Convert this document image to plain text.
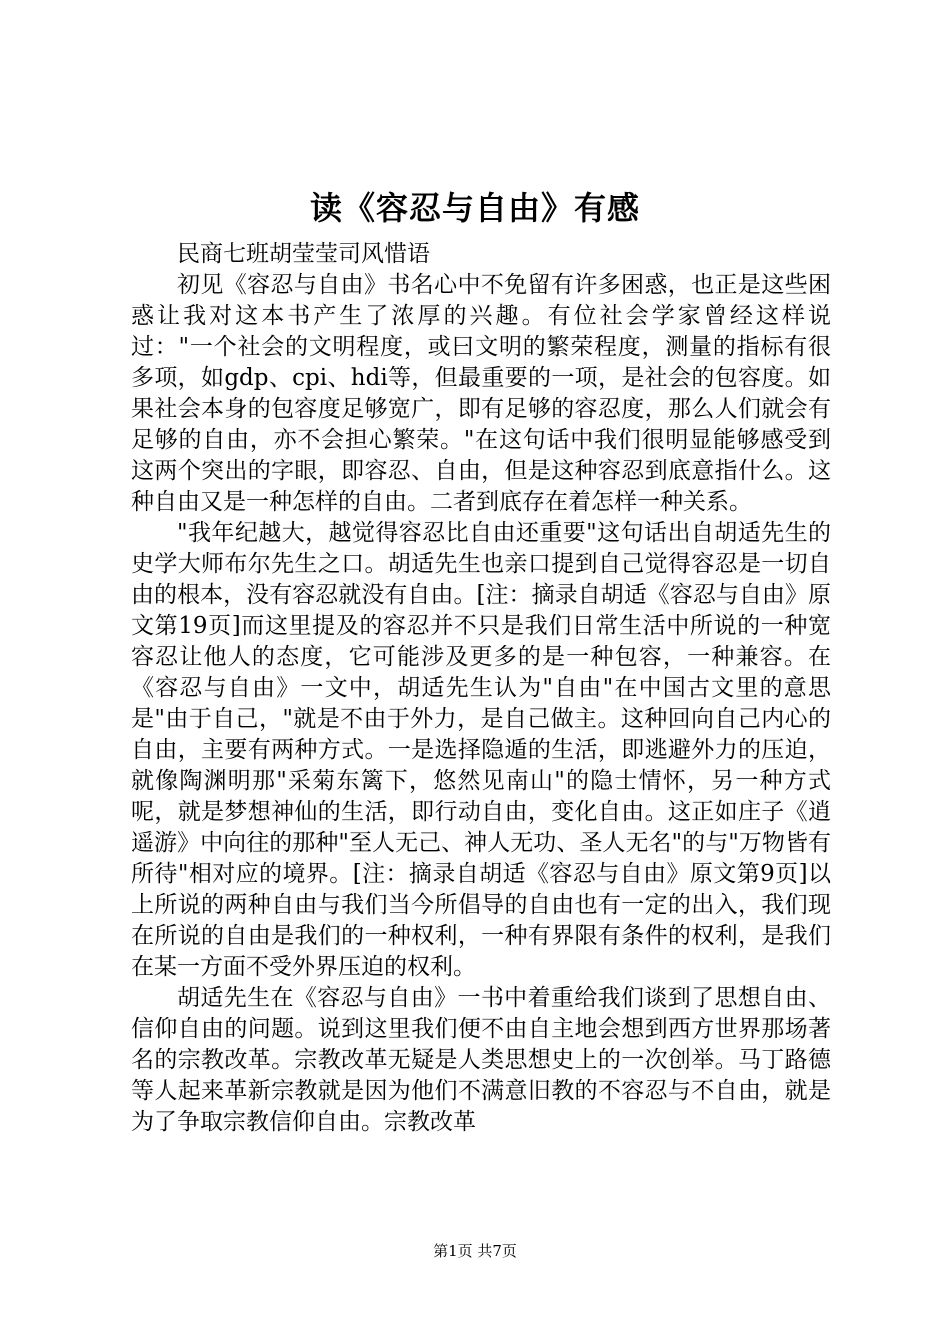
读《容忍与自由》有感

民商七班胡莹莹司风惜语

初见《容忍与自由》书名心中不免留有许多困惑，也正是这些困惑让我对这本书产生了浓厚的兴趣。有位社会学家曾经这样说过："一个社会的文明程度，或曰文明的繁荣程度，测量的指标有很多项，如gdp、cpi、hdi等，但最重要的一项，是社会的包容度。如果社会本身的包容度足够宽广，即有足够的容忍度，那么人们就会有足够的自由，亦不会担心繁荣。"在这句话中我们很明显能够感受到这两个突出的字眼，即容忍、自由，但是这种容忍到底意指什么。这种自由又是一种怎样的自由。二者到底存在着怎样一种关系。

"我年纪越大，越觉得容忍比自由还重要"这句话出自胡适先生的史学大师布尔先生之口。胡适先生也亲口提到自己觉得容忍是一切自由的根本，没有容忍就没有自由。[注：摘录自胡适《容忍与自由》原文第19页]而这里提及的容忍并不只是我们日常生活中所说的一种宽容忍让他人的态度，它可能涉及更多的是一种包容，一种兼容。在《容忍与自由》一文中，胡适先生认为"自由"在中国古文里的意思是"由于自己，"就是不由于外力，是自己做主。这种回向自己内心的自由，主要有两种方式。一是选择隐遁的生活，即逃避外力的压迫，就像陶渊明那"采菊东篱下，悠然见南山"的隐士情怀，另一种方式呢，就是梦想神仙的生活，即行动自由，变化自由。这正如庄子《逍遥游》中向往的那种"至人无己、神人无功、圣人无名"的与"万物皆有所待"相对应的境界。[注：摘录自胡适《容忍与自由》原文第9页]以上所说的两种自由与我们当今所倡导的自由也有一定的出入，我们现在所说的自由是我们的一种权利，一种有界限有条件的权利，是我们在某一方面不受外界压迫的权利。

胡适先生在《容忍与自由》一书中着重给我们谈到了思想自由、信仰自由的问题。说到这里我们便不由自主地会想到西方世界那场著名的宗教改革。宗教改革无疑是人类思想史上的一次创举。马丁路德等人起来革新宗教就是因为他们不满意旧教的不容忍与不自由，就是为了争取宗教信仰自由。宗教改革

第1页 共7页
